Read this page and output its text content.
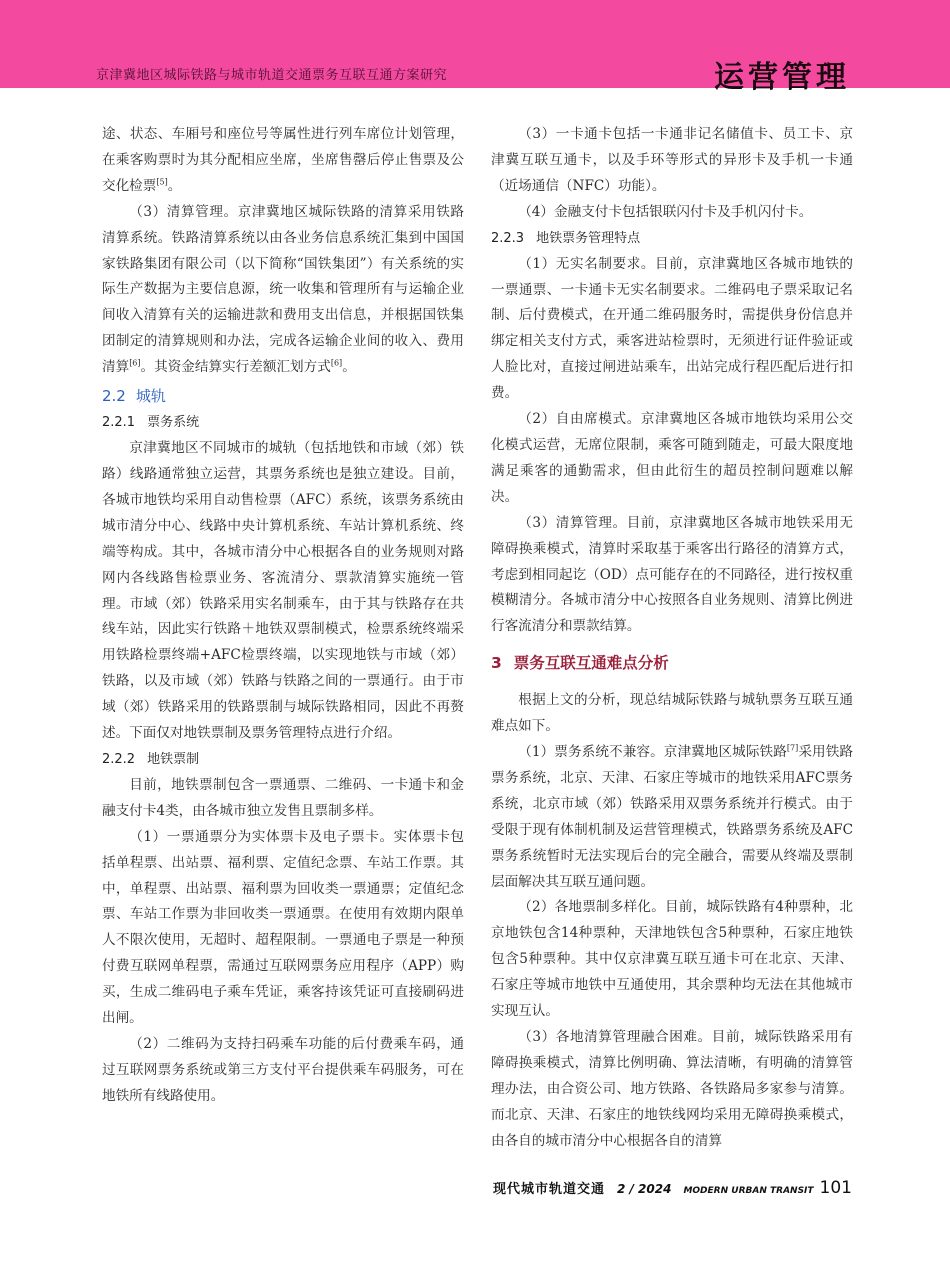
京津冀地区城际铁路与城市轨道交通票务互联互通方案研究	运营管理

途、状态、车厢号和座位号等属性进行列车席位计划管理，在乘客购票时为其分配相应坐席，坐席售罄后停止售票及公交化检票[5]。

（3）清算管理。京津冀地区城际铁路的清算采用铁路清算系统。铁路清算系统以由各业务信息系统汇集到中国国家铁路集团有限公司（以下简称“国铁集团”）有关系统的实际生产数据为主要信息源，统一收集和管理所有与运输企业间收入清算有关的运输进款和费用支出信息，并根据国铁集团制定的清算规则和办法，完成各运输企业间的收入、费用清算[6]。其资金结算实行差额汇划方式[6]。

2.2 城轨
2.2.1 票务系统

京津冀地区不同城市的城轨（包括地铁和市域（郊）铁路）线路通常独立运营，其票务系统也是独立建设。目前，各城市地铁均采用自动售检票（AFC）系统，该票务系统由城市清分中心、线路中央计算机系统、车站计算机系统、终端等构成。其中，各城市清分中心根据各自的业务规则对路网内各线路售检票业务、客流清分、票款清算实施统一管理。市域（郊）铁路采用实名制乘车，由于其与铁路存在共线车站，因此实行铁路＋地铁双票制模式，检票系统终端采用铁路检票终端+AFC检票终端，以实现地铁与市域（郊）铁路，以及市域（郊）铁路与铁路之间的一票通行。由于市域（郊）铁路采用的铁路票制与城际铁路相同，因此不再赘述。下面仅对地铁票制及票务管理特点进行介绍。

2.2.2 地铁票制

目前，地铁票制包含一票通票、二维码、一卡通卡和金融支付卡4类，由各城市独立发售且票制多样。

（1）一票通票分为实体票卡及电子票卡。实体票卡包括单程票、出站票、福利票、定值纪念票、车站工作票。其中，单程票、出站票、福利票为回收类一票通票；定值纪念票、车站工作票为非回收类一票通票。在使用有效期内限单人不限次使用，无超时、超程限制。一票通电子票是一种预付费互联网单程票，需通过互联网票务应用程序（APP）购买，生成二维码电子乘车凭证，乘客持该凭证可直接刷码进出闸。

（2）二维码为支持扫码乘车功能的后付费乘车码，通过互联网票务系统或第三方支付平台提供乘车码服务，可在地铁所有线路使用。

（3）一卡通卡包括一卡通非记名储值卡、员工卡、京津冀互联互通卡，以及手环等形式的异形卡及手机一卡通（近场通信（NFC）功能）。

（4）金融支付卡包括银联闪付卡及手机闪付卡。

2.2.3 地铁票务管理特点

（1）无实名制要求。目前，京津冀地区各城市地铁的一票通票、一卡通卡无实名制要求。二维码电子票采取记名制、后付费模式，在开通二维码服务时，需提供身份信息并绑定相关支付方式，乘客进站检票时，无须进行证件验证或人脸比对，直接过闸进站乘车，出站完成行程匹配后进行扣费。

（2）自由席模式。京津冀地区各城市地铁均采用公交化模式运营，无席位限制，乘客可随到随走，可最大限度地满足乘客的通勤需求，但由此衍生的超员控制问题难以解决。

（3）清算管理。目前，京津冀地区各城市地铁采用无障碍换乘模式，清算时采取基于乘客出行路径的清算方式，考虑到相同起讫（OD）点可能存在的不同路径，进行按权重模糊清分。各城市清分中心按照各自业务规则、清算比例进行客流清分和票款结算。

3 票务互联互通难点分析

根据上文的分析，现总结城际铁路与城轨票务互联互通难点如下。

（1）票务系统不兼容。京津冀地区城际铁路[7]采用铁路票务系统，北京、天津、石家庄等城市的地铁采用AFC票务系统，北京市域（郊）铁路采用双票务系统并行模式。由于受限于现有体制机制及运营管理模式，铁路票务系统及AFC票务系统暂时无法实现后台的完全融合，需要从终端及票制层面解决其互联互通问题。

（2）各地票制多样化。目前，城际铁路有4种票种，北京地铁包含14种票种，天津地铁包含5种票种，石家庄地铁包含5种票种。其中仅京津冀互联互通卡可在北京、天津、石家庄等城市地铁中互通使用，其余票种均无法在其他城市实现互认。

（3）各地清算管理融合困难。目前，城际铁路采用有障碍换乘模式，清算比例明确、算法清晰，有明确的清算管理办法，由合资公司、地方铁路、各铁路局多家参与清算。而北京、天津、石家庄的地铁线网均采用无障碍换乘模式，由各自的城市清分中心根据各自的清算

现代城市轨道交通 2 / 2024 MODERN URBAN TRANSIT 101
